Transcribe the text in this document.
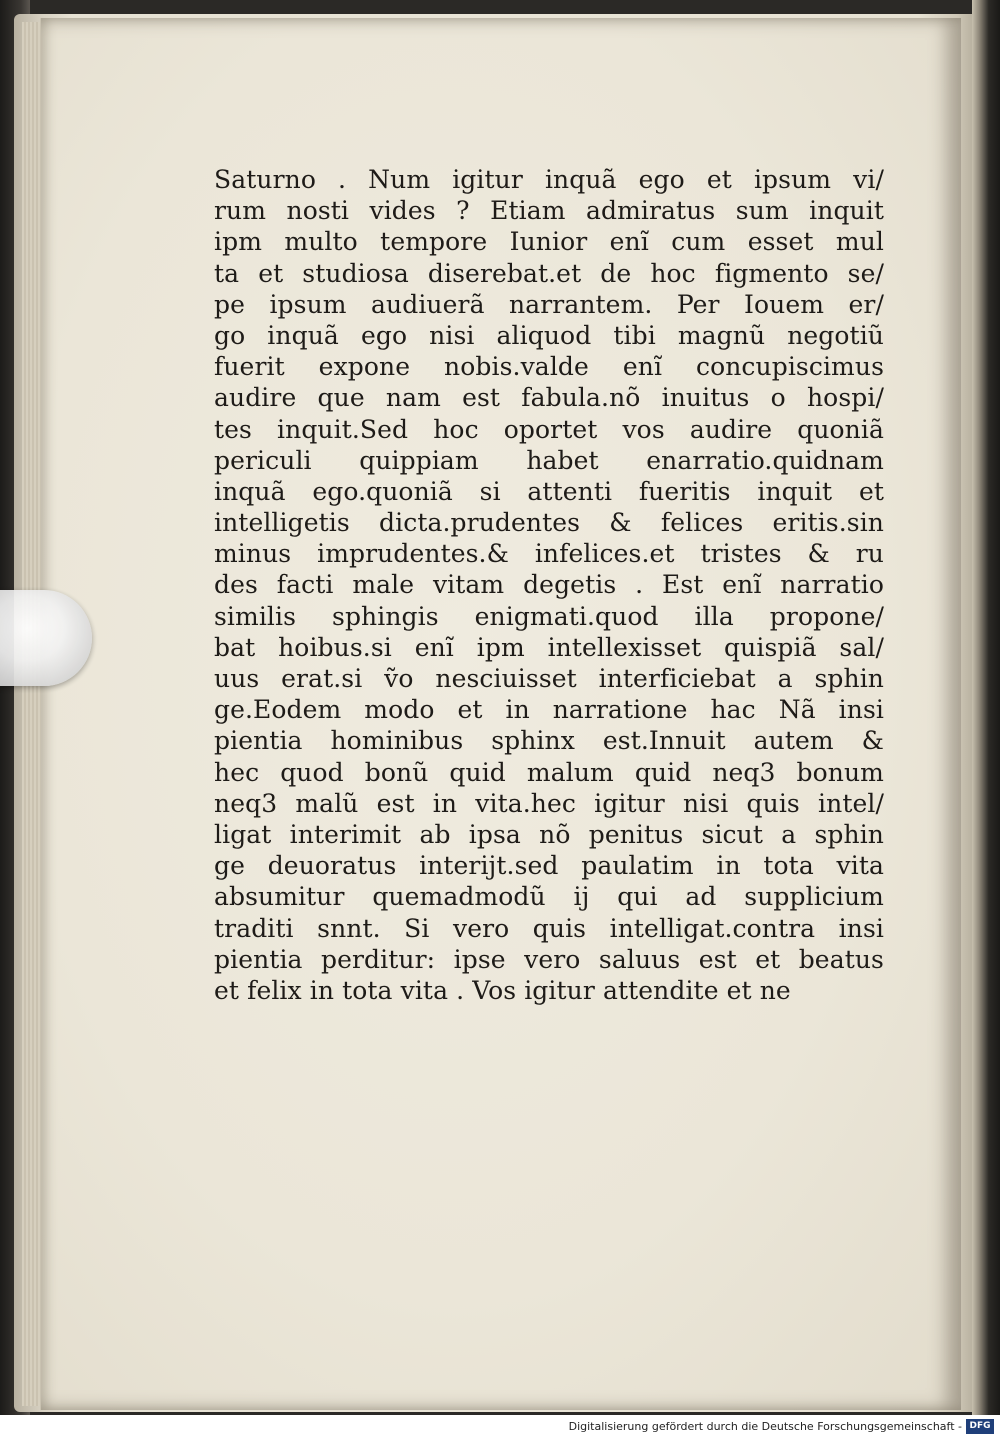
Saturno . Num igitur inquã ego et ipsum vi/
rum nosti vides ? Etiam admiratus sum inquit
ipm multo tempore Iunior enĩ cum esset mul
ta et studiosa diserebat.et de hoc figmento se/
pe ipsum audiuerã narrantem. Per Iouem er/
go inquã ego nisi aliquod tibi magnũ negotiũ
fuerit expone nobis.valde enĩ concupiscimus
audire que nam est fabula.nõ inuitus o hospi/
tes inquit.Sed hoc oportet vos audire quoniã
periculi quippiam habet enarratio.quidnam
inquã ego.quoniã si attenti fueritis inquit et
intelligetis dicta.prudentes & felices eritis.sin
minus imprudentes.& infelices.et tristes & ru
des facti male vitam degetis . Est enĩ narratio
similis sphingis enigmati.quod illa propone/
bat hoibus.si enĩ ipm intellexisset quispiã sal/
uus erat.si ṽo nesciuisset interficiebat a sphin
ge.Eodem modo et in narratione hac Nã insi
pientia hominibus sphinx est.Innuit autem &
hec quod bonũ quid malum quid neq3 bonum
neq3 malũ est in vita.hec igitur nisi quis intel/
ligat interimit ab ipsa nõ penitus sicut a sphin
ge deuoratus interijt.sed paulatim in tota vita
absumitur quemadmodũ ij qui ad supplicium
traditi snnt. Si vero quis intelligat.contra insi
pientia perditur: ipse vero saluus est et beatus
et felix in tota vita . Vos igitur attendite et ne
Digitalisierung gefördert durch die Deutsche Forschungsgemeinschaft - DFG
